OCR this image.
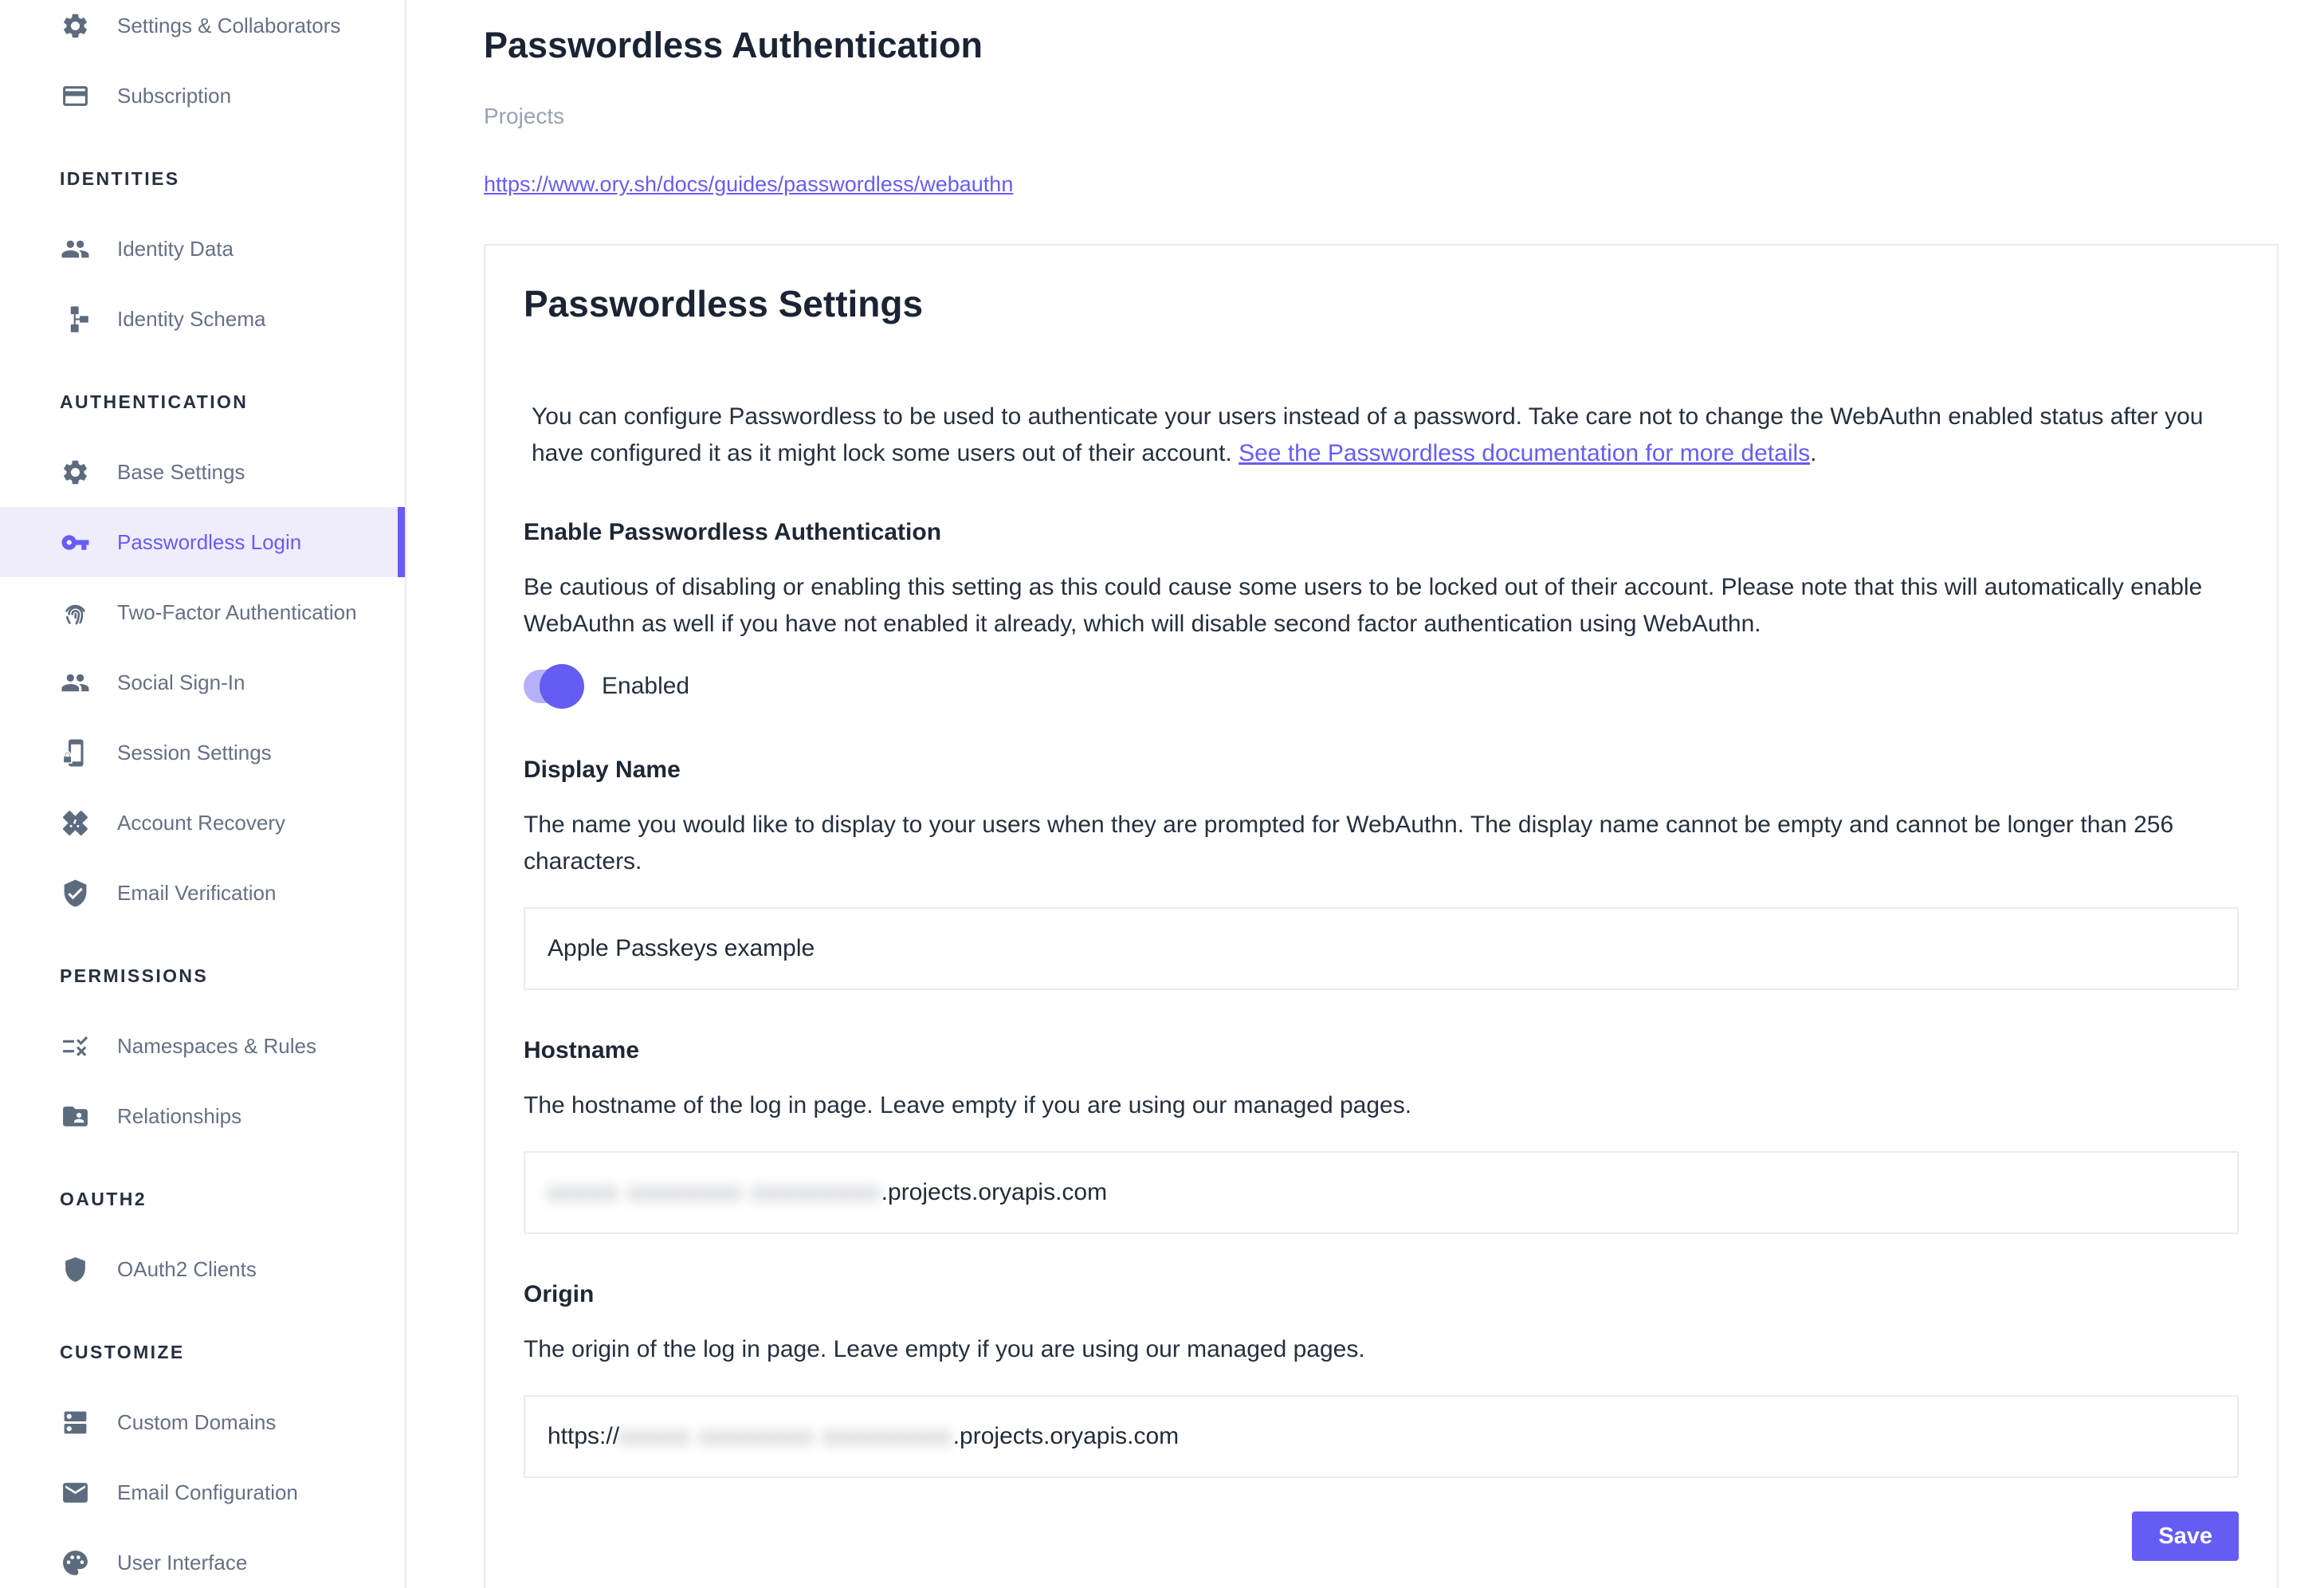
Settings & Collaborators
Subscription
IDENTITIES
Identity Data
Identity Schema
AUTHENTICATION
Base Settings
Passwordless Login
Two-Factor Authentication
Social Sign-In
Session Settings
Account Recovery
Email Verification
PERMISSIONS
Namespaces & Rules
Relationships
OAUTH2
OAuth2 Clients
CUSTOMIZE
Custom Domains
Email Configuration
User Interface
Passwordless Authentication
Projects
https://www.ory.sh/docs/guides/passwordless/webauthn
Passwordless Settings

You can configure Passwordless to be used to authenticate your users instead of a password. Take care not to change the WebAuthn enabled status after you have configured it as it might lock some users out of their account. See the Passwordless documentation for more details.

Enable Passwordless Authentication

Be cautious of disabling or enabling this setting as this could cause some users to be locked out of their account. Please note that this will automatically enable WebAuthn as well if you have not enabled it already, which will disable second factor authentication using WebAuthn.

Enabled
Display Name

The name you would like to display to your users when they are prompted for WebAuthn. The display name cannot be empty and cannot be longer than 256 characters.

Apple Passkeys example
Hostname

The hostname of the log in page. Leave empty if you are using our managed pages.

xxxxx xxxxxxxx xxxxxxxxx .projects.oryapis.com
Origin

The origin of the log in page. Leave empty if you are using our managed pages.

https:// xxxxx xxxxxxxx xxxxxxxxx .projects.oryapis.com
Save
